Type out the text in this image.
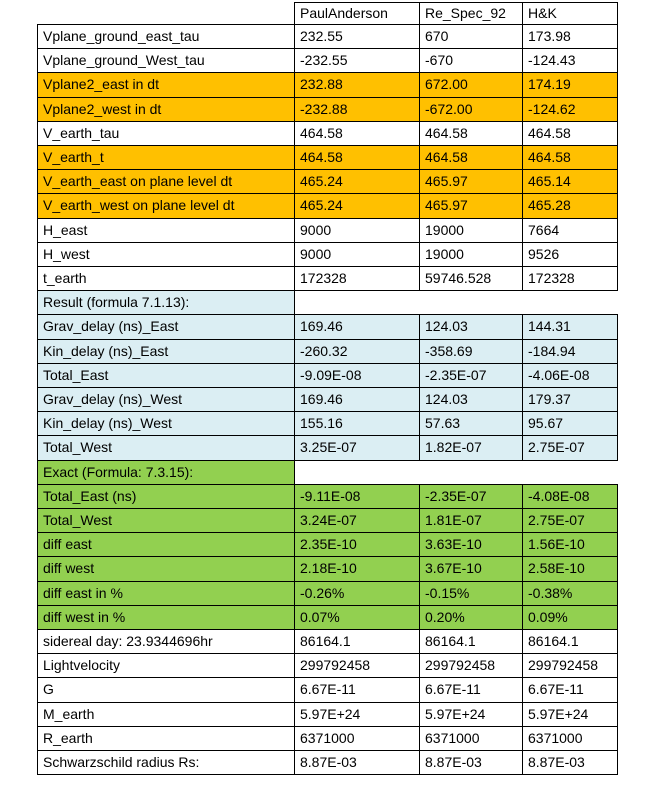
	PaulAnderson	Re_Spec_92	H&K
Vplane_ground_east_tau	232.55	670	173.98
Vplane_ground_West_tau	-232.55	-670	-124.43
Vplane2_east in dt	232.88	672.00	174.19
Vplane2_west in dt	-232.88	-672.00	-124.62
V_earth_tau	464.58	464.58	464.58
V_earth_t	464.58	464.58	464.58
V_earth_east on plane level dt	465.24	465.97	465.14
V_earth_west on plane level dt	465.24	465.97	465.28
H_east	9000	19000	7664
H_west	9000	19000	9526
t_earth	172328	59746.528	172328
Result (formula 7.1.13):			
Grav_delay (ns)_East	169.46	124.03	144.31
Kin_delay (ns)_East	-260.32	-358.69	-184.94
Total_East	-9.09E-08	-2.35E-07	-4.06E-08
Grav_delay (ns)_West	169.46	124.03	179.37
Kin_delay (ns)_West	155.16	57.63	95.67
Total_West	3.25E-07	1.82E-07	2.75E-07
Exact (Formula: 7.3.15):			
Total_East (ns)	-9.11E-08	-2.35E-07	-4.08E-08
Total_West	3.24E-07	1.81E-07	2.75E-07
diff east	2.35E-10	3.63E-10	1.56E-10
diff west	2.18E-10	3.67E-10	2.58E-10
diff east in %	-0.26%	-0.15%	-0.38%
diff west in %	0.07%	0.20%	0.09%
sidereal day: 23.9344696hr	86164.1	86164.1	86164.1
Lightvelocity	299792458	299792458	299792458
G	6.67E-11	6.67E-11	6.67E-11
M_earth	5.97E+24	5.97E+24	5.97E+24
R_earth	6371000	6371000	6371000
Schwarzschild radius Rs:	8.87E-03	8.87E-03	8.87E-03
